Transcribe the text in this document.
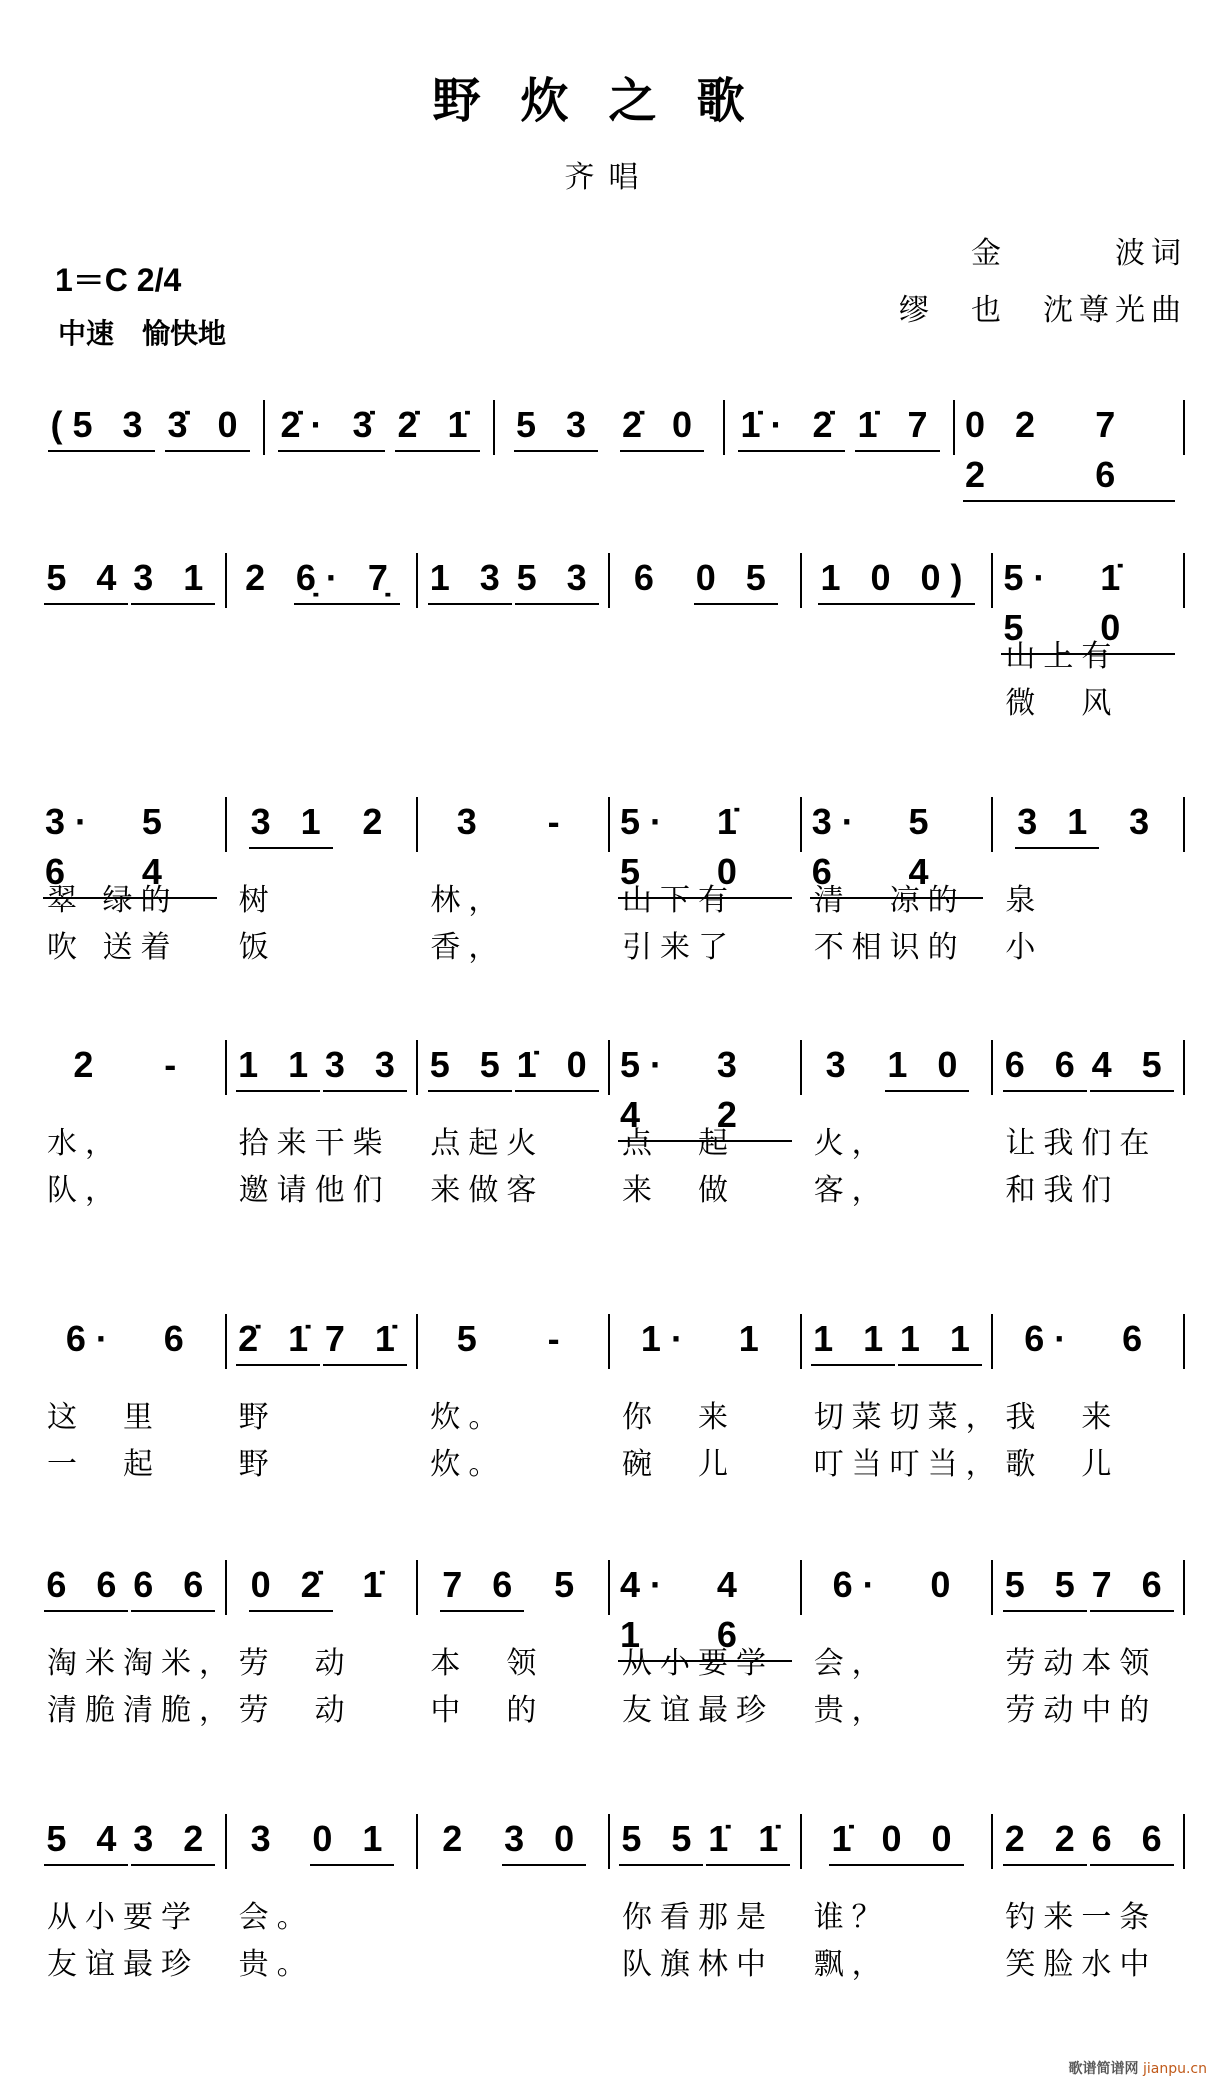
野炊之歌
齐唱
1＝C 2/4
中速　愉快地
金　　　波词
缪　也　沈尊光曲
(5 3 3̇ 0 2̇· 3̇ 2̇ 1̇ 5 3 2̇ 0 1̇· 2̇ 1̇ 7 0 2 2
7 6
5 4 3 1 2 6̣· 7̣ 1 3 5 3 6 0 5 1 0 0) 5· 5
1̇ 0
山上有
微　风
3· 6
5 4
翠 绿的
吹 送着
3 1 2
树
饭
3 -
林，
香，
5· 5
1̇ 0
山下有
引来了
3· 6
5 4
清　凉的
不相识的
3 1 3
泉
小
2 -
水，
队，
1 1 3 3
拾来干柴
邀请他们
5 5 1̇ 0
点起火
来做客
5· 4
3 2
点　起
来　做
3 1 0
火，
客，
6 6 4 5
让我们在
和我们
6· 6
这　里
一　起
2̇ 1̇ 7 1̇
野
野
5 -
炊。
炊。
1· 1
你　来
碗　儿
1 1 1 1
切菜切菜，
叮当叮当，
6· 6
我　来
歌　儿
6 6 6 6
淘米淘米，
清脆清脆，
0 2̇ 1̇
劳　动
劳　动
7 6 5
本　领
中　的
4· 1
4 6
从小要学
友谊最珍
6· 0
会，
贵，
5 5 7 6
劳动本领
劳动中的
5 4 3 2
从小要学
友谊最珍
3 0 1
会。
贵。
2 3 0 5 5 1̇ 1̇
你看那是
队旗林中
1̇ 0 0
谁？
飘，
2 2 6 6
钓来一条
笑脸水中
歌谱简谱网 jianpu.cn
